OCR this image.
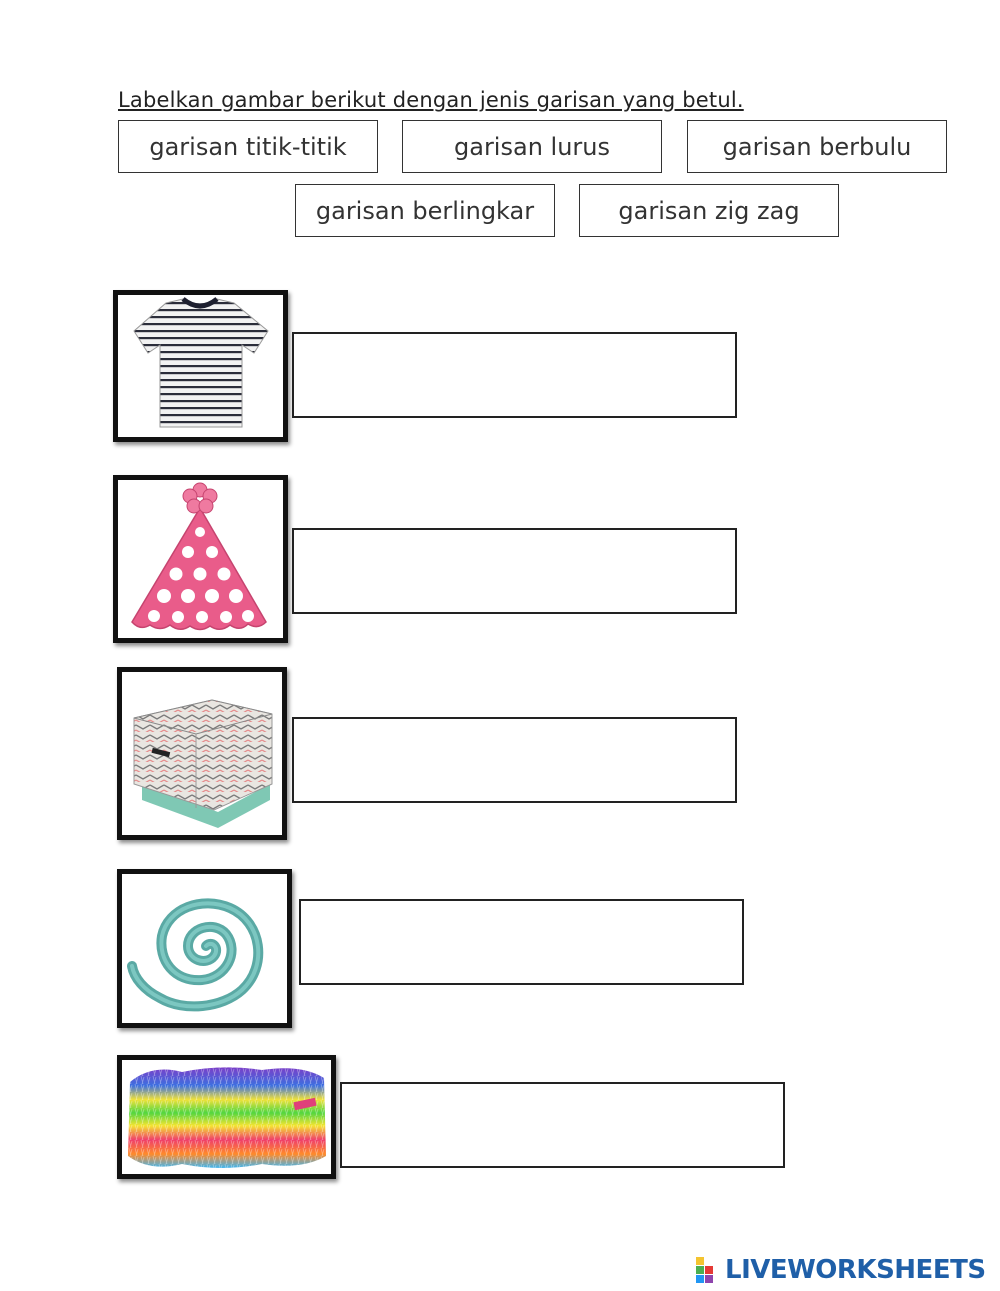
Labelkan gambar berikut dengan jenis garisan yang betul.
garisan titik-titik	garisan lurus	garisan berbulu
garisan berlingkar	garisan zig zag
LIVEWORKSHEETS
